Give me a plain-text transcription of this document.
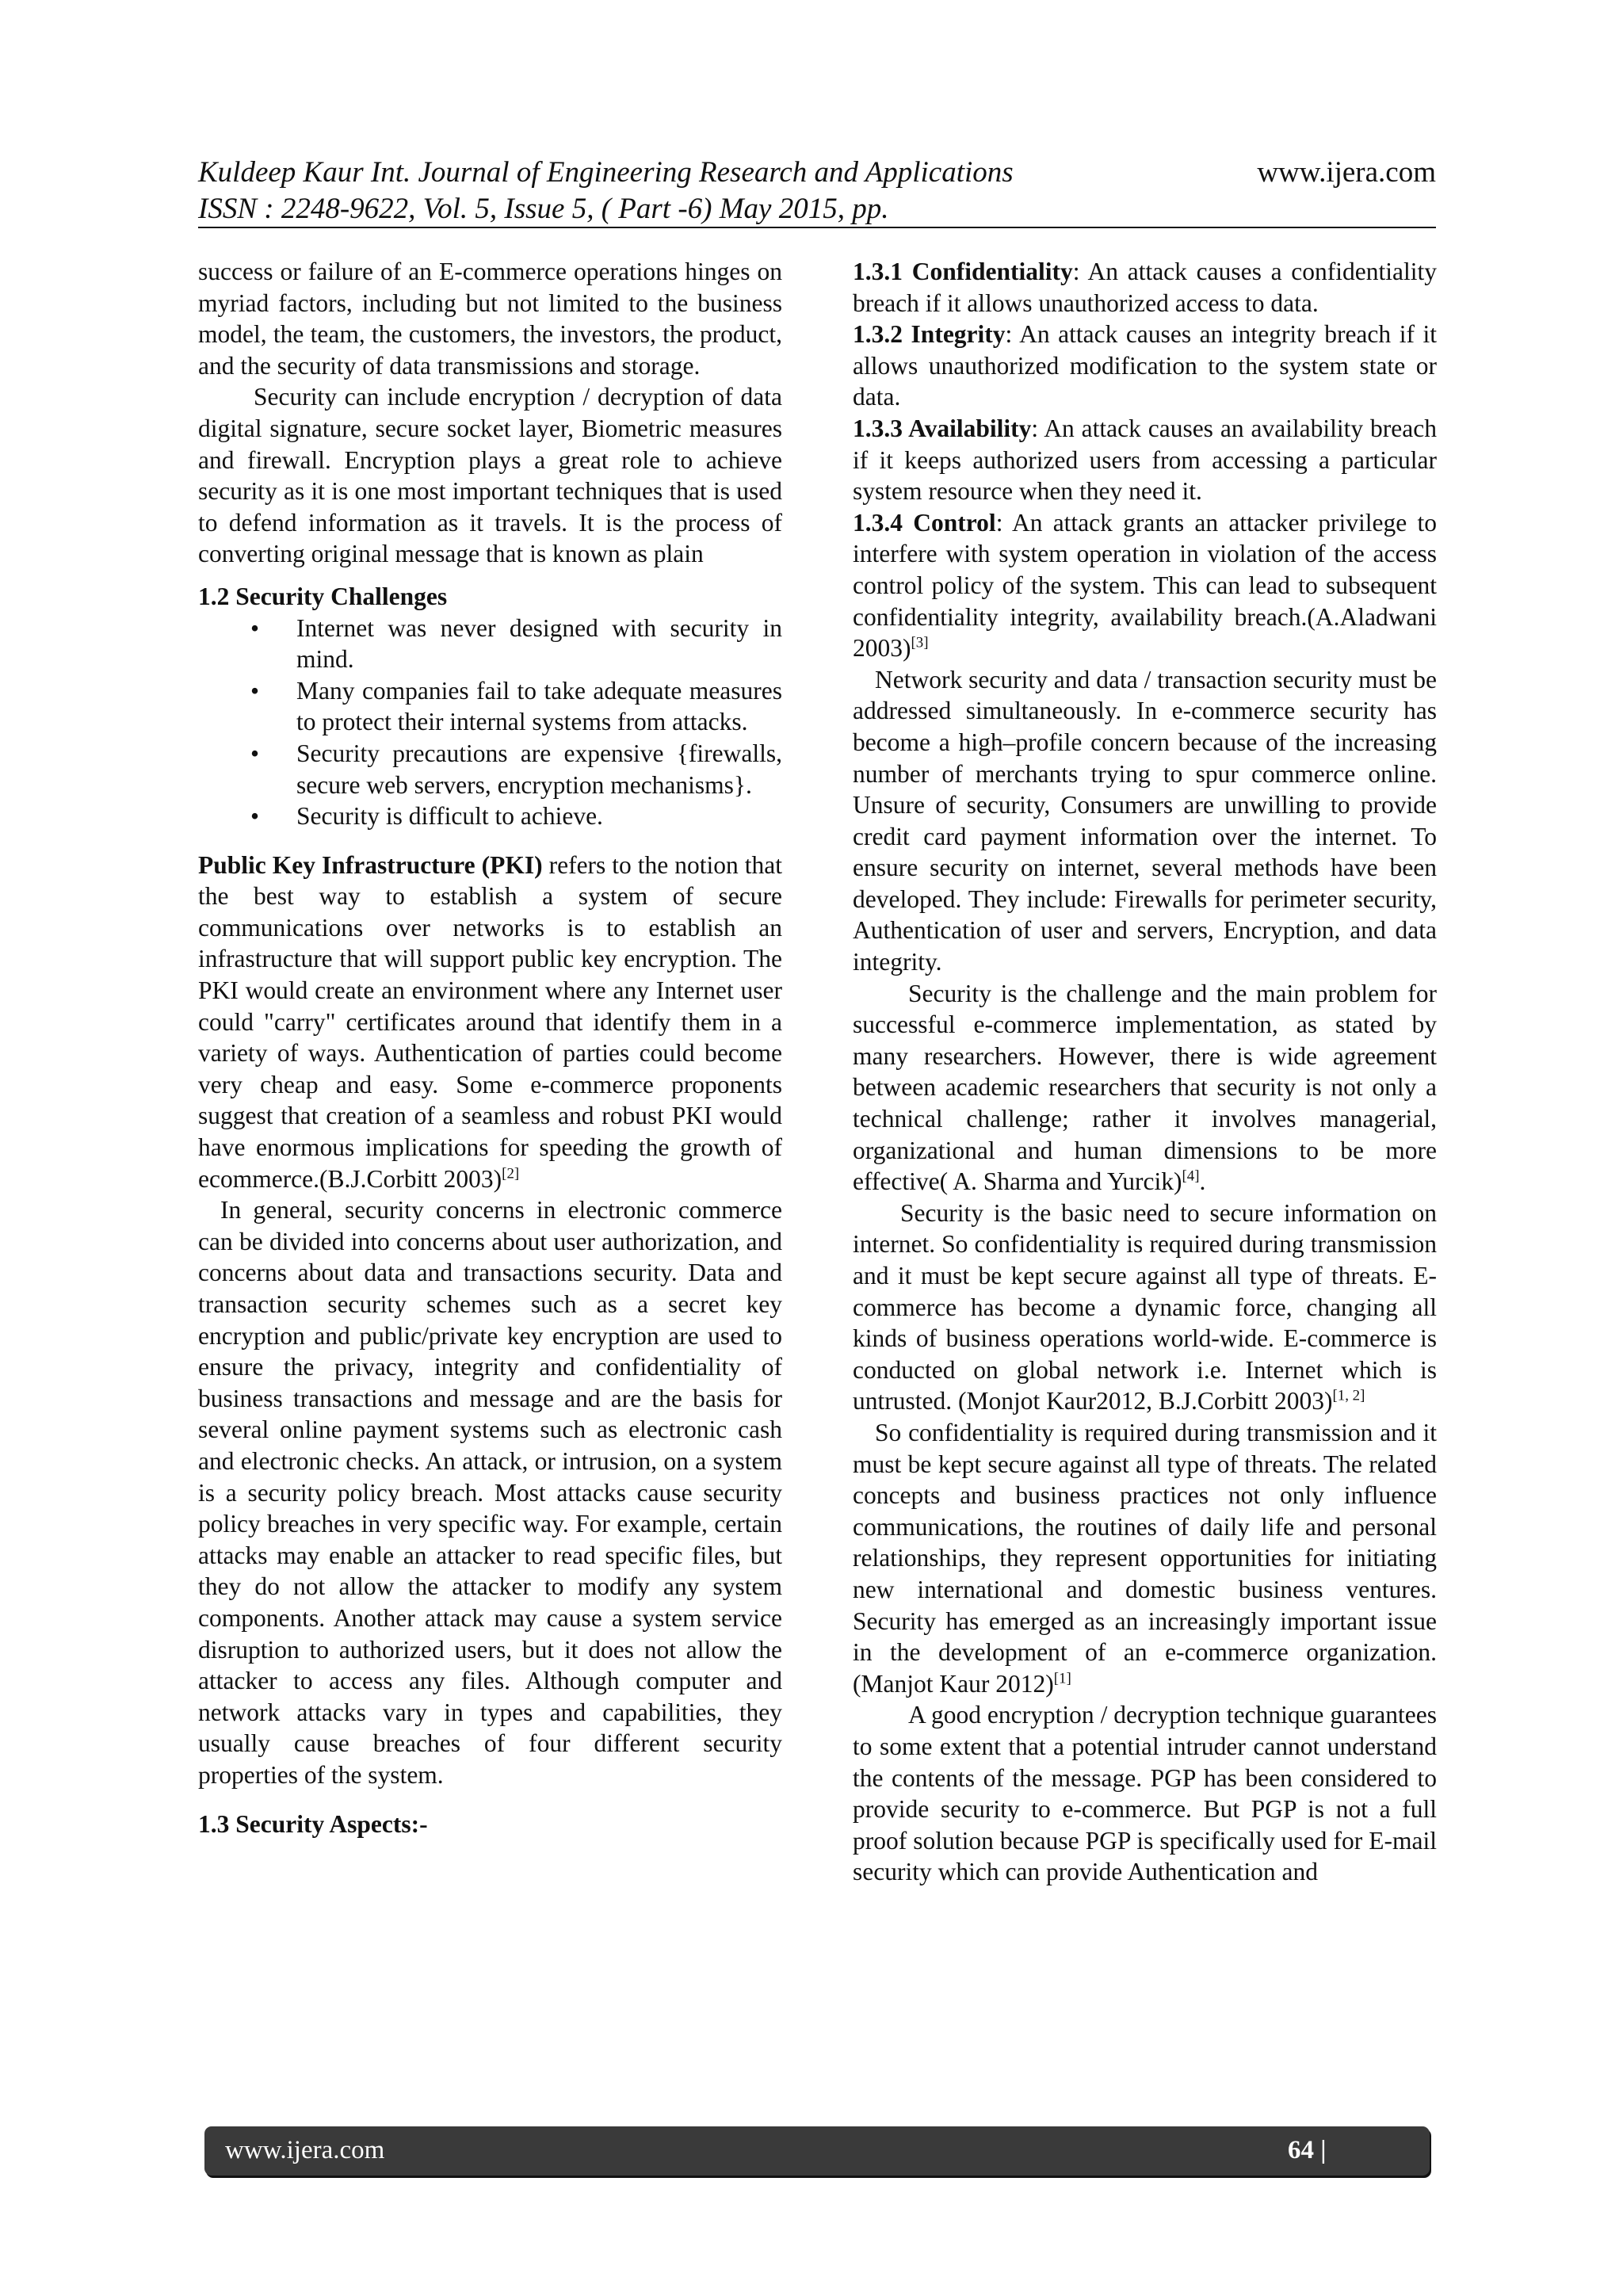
Kuldeep Kaur Int. Journal of Engineering Research and Applications
ISSN : 2248-9622, Vol. 5, Issue 5, ( Part -6) May 2015, pp.
www.ijera.com

success or failure of an E-commerce operations hinges on myriad factors, including but not limited to the business model, the team, the customers, the investors, the product, and the security of data transmissions and storage.

Security can include encryption / decryption of data digital signature, secure socket layer, Biometric measures and firewall. Encryption plays a great role to achieve security as it is one most important techniques that is used to defend information as it travels. It is the process of converting original message that is known as plain

1.2 Security Challenges
• Internet was never designed with security in mind.
• Many companies fail to take adequate measures to protect their internal systems from attacks.
• Security precautions are expensive {firewalls, secure web servers, encryption mechanisms}.
• Security is difficult to achieve.

Public Key Infrastructure (PKI) refers to the notion that the best way to establish a system of secure communications over networks is to establish an infrastructure that will support public key encryption. The PKI would create an environment where any Internet user could "carry" certificates around that identify them in a variety of ways. Authentication of parties could become very cheap and easy. Some e-commerce proponents suggest that creation of a seamless and robust PKI would have enormous implications for speeding the growth of ecommerce.(B.J.Corbitt 2003)[2]

In general, security concerns in electronic commerce can be divided into concerns about user authorization, and concerns about data and transactions security. Data and transaction security schemes such as a secret key encryption and public/private key encryption are used to ensure the privacy, integrity and confidentiality of business transactions and message and are the basis for several online payment systems such as electronic cash and electronic checks. An attack, or intrusion, on a system is a security policy breach. Most attacks cause security policy breaches in very specific way. For example, certain attacks may enable an attacker to read specific files, but they do not allow the attacker to modify any system components. Another attack may cause a system service disruption to authorized users, but it does not allow the attacker to access any files. Although computer and network attacks vary in types and capabilities, they usually cause breaches of four different security properties of the system.

1.3 Security Aspects:-

1.3.1 Confidentiality: An attack causes a confidentiality breach if it allows unauthorized access to data.

1.3.2 Integrity: An attack causes an integrity breach if it allows unauthorized modification to the system state or data.

1.3.3 Availability: An attack causes an availability breach if it keeps authorized users from accessing a particular system resource when they need it.

1.3.4 Control: An attack grants an attacker privilege to interfere with system operation in violation of the access control policy of the system. This can lead to subsequent confidentiality integrity, availability breach.(A.Aladwani 2003)[3]

Network security and data / transaction security must be addressed simultaneously. In e-commerce security has become a high–profile concern because of the increasing number of merchants trying to spur commerce online. Unsure of security, Consumers are unwilling to provide credit card payment information over the internet. To ensure security on internet, several methods have been developed. They include: Firewalls for perimeter security, Authentication of user and servers, Encryption, and data integrity.

Security is the challenge and the main problem for successful e-commerce implementation, as stated by many researchers. However, there is wide agreement between academic researchers that security is not only a technical challenge; rather it involves managerial, organizational and human dimensions to be more effective( A. Sharma and Yurcik)[4].

Security is the basic need to secure information on internet. So confidentiality is required during transmission and it must be kept secure against all type of threats. E-commerce has become a dynamic force, changing all kinds of business operations world-wide. E-commerce is conducted on global network i.e. Internet which is untrusted. (Monjot Kaur2012, B.J.Corbitt 2003)[1, 2]

So confidentiality is required during transmission and it must be kept secure against all type of threats. The related concepts and business practices not only influence communications, the routines of daily life and personal relationships, they represent opportunities for initiating new international and domestic business ventures. Security has emerged as an increasingly important issue in the development of an e-commerce organization. (Manjot Kaur 2012)[1]

A good encryption / decryption technique guarantees to some extent that a potential intruder cannot understand the contents of the message. PGP has been considered to provide security to e-commerce. But PGP is not a full proof solution because PGP is specifically used for E-mail security which can provide Authentication and

www.ijera.com	64 |
